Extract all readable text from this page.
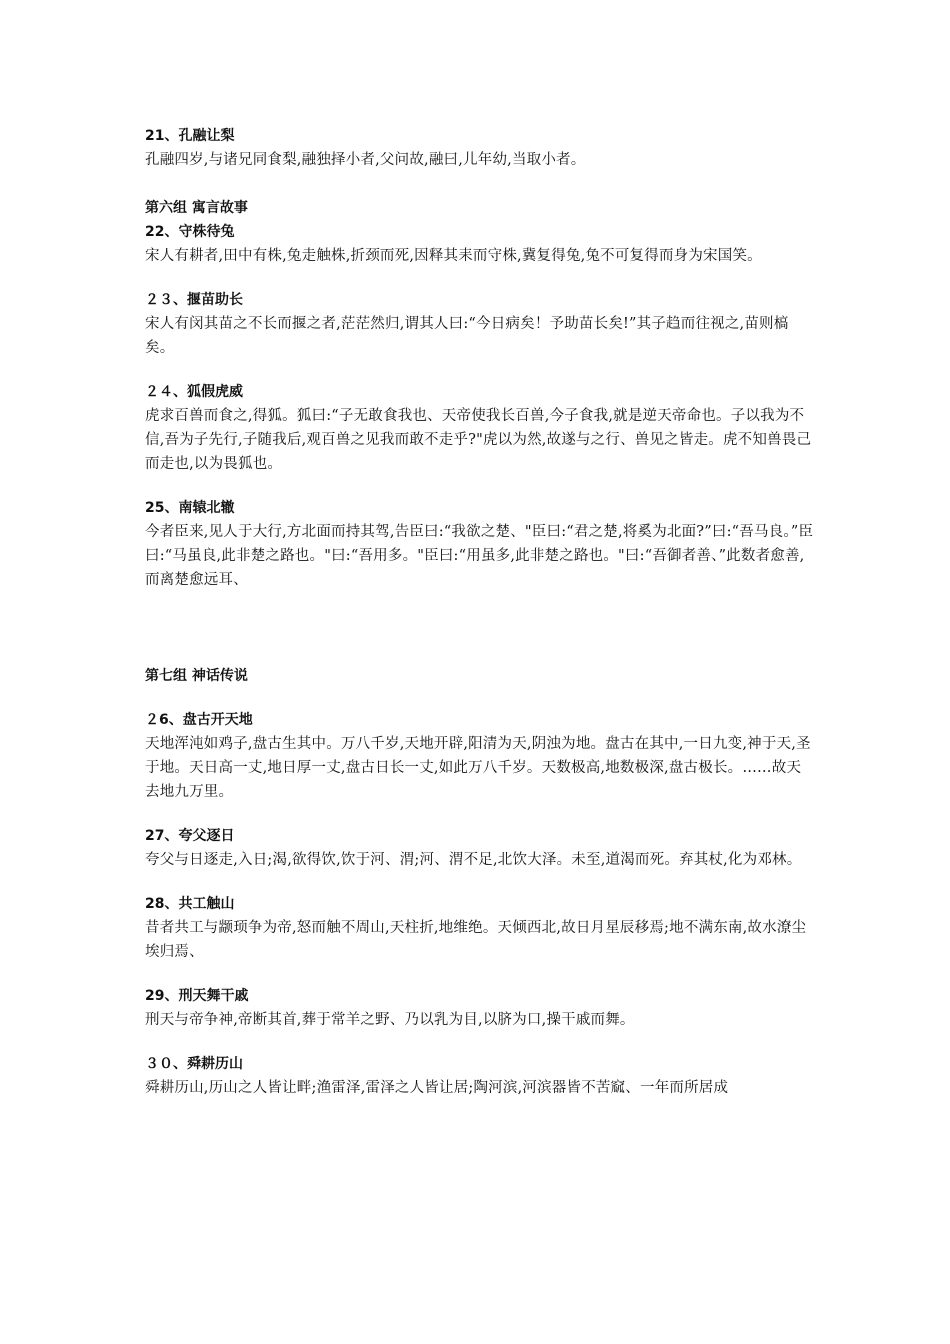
21、孔融让梨

孔融四岁,与诸兄同食梨,融独择小者,父问故,融曰,儿年幼,当取小者。

第六组 寓言故事

22、守株待兔

宋人有耕者,田中有株,兔走触株,折颈而死,因释其耒而守株,冀复得兔,兔不可复得而身为宋国笑。

２３、揠苗助长

宋人有闵其苗之不长而揠之者,茫茫然归,谓其人曰:“今日病矣！予助苗长矣!”其子趋而往视之,苗则槁矣。

２４、狐假虎威

虎求百兽而食之,得狐。狐曰:“子无敢食我也、天帝使我长百兽,今子食我,就是逆天帝命也。子以我为不信,吾为子先行,子随我后,观百兽之见我而敢不走乎?"虎以为然,故遂与之行、兽见之皆走。虎不知兽畏己而走也,以为畏狐也。

25、南辕北辙

今者臣来,见人于大行,方北面而持其驾,告臣曰:“我欲之楚、"臣曰:“君之楚,将奚为北面?”曰:“吾马良。”臣曰:“马虽良,此非楚之路也。"曰:“吾用多。"臣曰:“用虽多,此非楚之路也。"曰:“吾御者善、”此数者愈善,而离楚愈远耳、

第七组 神话传说

２6、盘古开天地

天地浑沌如鸡子,盘古生其中。万八千岁,天地开辟,阳清为天,阴浊为地。盘古在其中,一日九变,神于天,圣于地。天日高一丈,地日厚一丈,盘古日长一丈,如此万八千岁。天数极高,地数极深,盘古极长。……故天去地九万里。

27、夸父逐日

夸父与日逐走,入日;渴,欲得饮,饮于河、渭;河、渭不足,北饮大泽。未至,道渴而死。弃其杖,化为邓林。

28、共工触山

昔者共工与颛顼争为帝,怒而触不周山,天柱折,地维绝。天倾西北,故日月星辰移焉;地不满东南,故水潦尘埃归焉、

29、刑天舞干戚

刑天与帝争神,帝断其首,葬于常羊之野、乃以乳为目,以脐为口,操干戚而舞。

３０、舜耕历山

舜耕历山,历山之人皆让畔;渔雷泽,雷泽之人皆让居;陶河滨,河滨器皆不苦窳、一年而所居成
